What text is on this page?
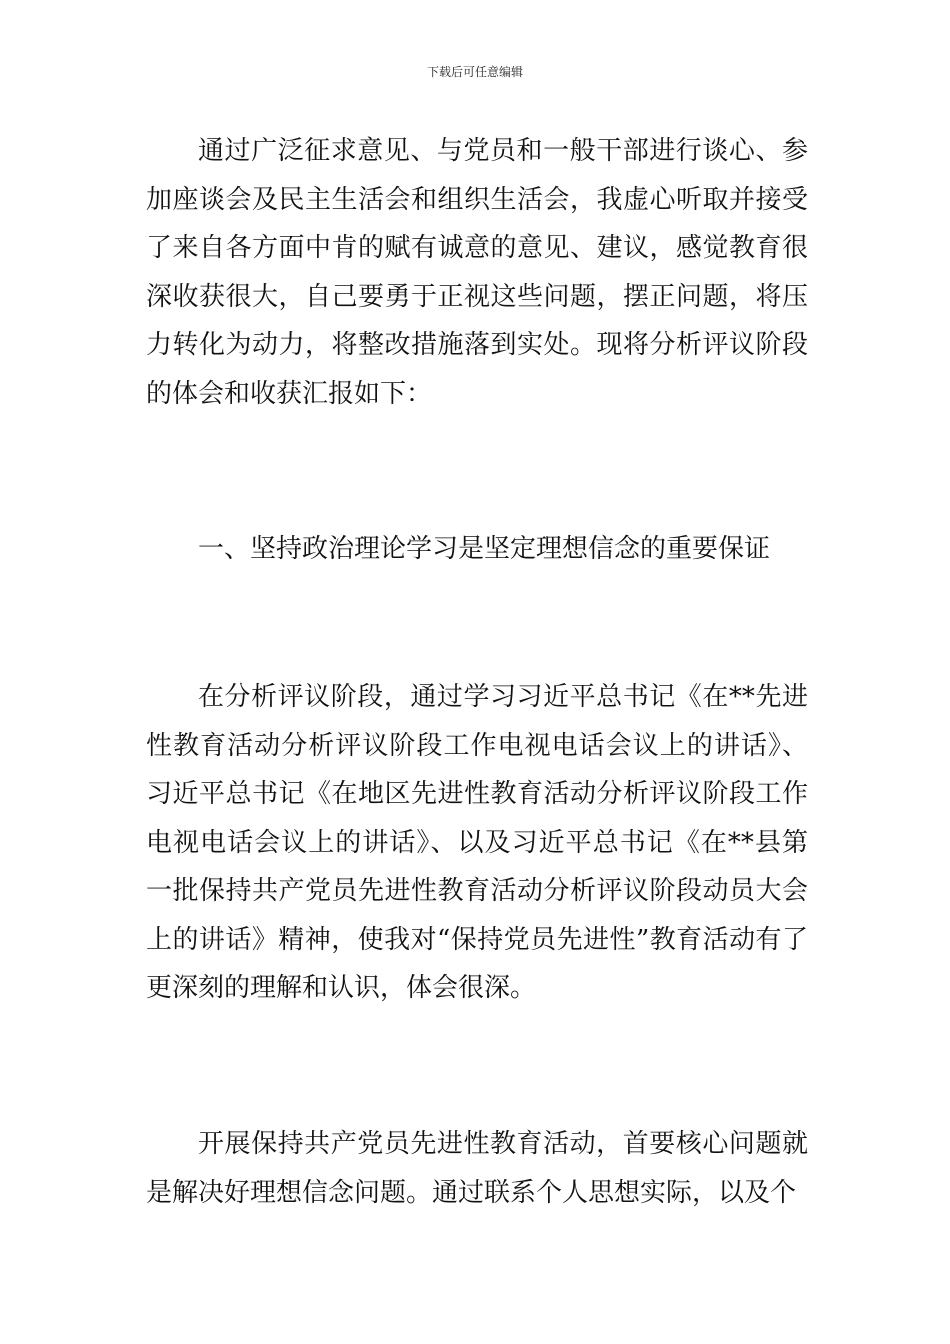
下载后可任意编辑

通过广泛征求意见、与党员和一般干部进行谈心、参加座谈会及民主生活会和组织生活会，我虚心听取并接受了来自各方面中肯的赋有诚意的意见、建议，感觉教育很深收获很大，自己要勇于正视这些问题，摆正问题，将压力转化为动力，将整改措施落到实处。现将分析评议阶段的体会和收获汇报如下：

一、坚持政治理论学习是坚定理想信念的重要保证

在分析评议阶段，通过学习习近平总书记《在**先进性教育活动分析评议阶段工作电视电话会议上的讲话》、习近平总书记《在地区先进性教育活动分析评议阶段工作电视电话会议上的讲话》、以及习近平总书记《在**县第一批保持共产党员先进性教育活动分析评议阶段动员大会上的讲话》精神，使我对“保持党员先进性”教育活动有了更深刻的理解和认识，体会很深。

开展保持共产党员先进性教育活动，首要核心问题就是解决好理想信念问题。通过联系个人思想实际，以及个
